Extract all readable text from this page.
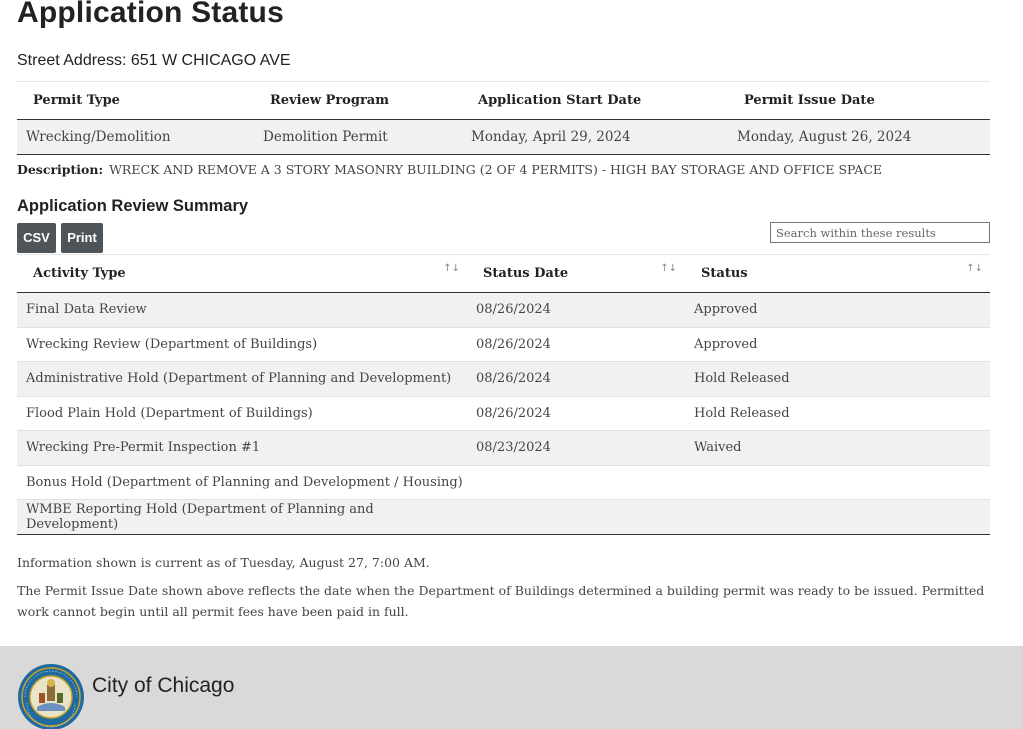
Application Status
Street Address: 651 W CHICAGO AVE
Permit Type	Review Program	Application Start Date	Permit Issue Date
Wrecking/Demolition	Demolition Permit	Monday, April 29, 2024	Monday, August 26, 2024
Description: WRECK AND REMOVE A 3 STORY MASONRY BUILDING (2 OF 4 PERMITS) - HIGH BAY STORAGE AND OFFICE SPACE
Application Review Summary
CSV	Print
Search within these results
Activity Type ↑↓	Status Date ↑↓	Status ↑↓

Final Data Review	08/26/2024	Approved
Wrecking Review (Department of Buildings)	08/26/2024	Approved
Administrative Hold (Department of Planning and Development)	08/26/2024	Hold Released
Flood Plain Hold (Department of Buildings)	08/26/2024	Hold Released
Wrecking Pre-Permit Inspection #1	08/23/2024	Waived
Bonus Hold (Department of Planning and Development / Housing)		
WMBE Reporting Hold (Department of Planning and Development)		

Information shown is current as of Tuesday, August 27, 7:00 AM.

The Permit Issue Date shown above reflects the date when the Department of Buildings determined a building permit was ready to be issued. Permitted work cannot begin until all permit fees have been paid in full.

City of Chicago
